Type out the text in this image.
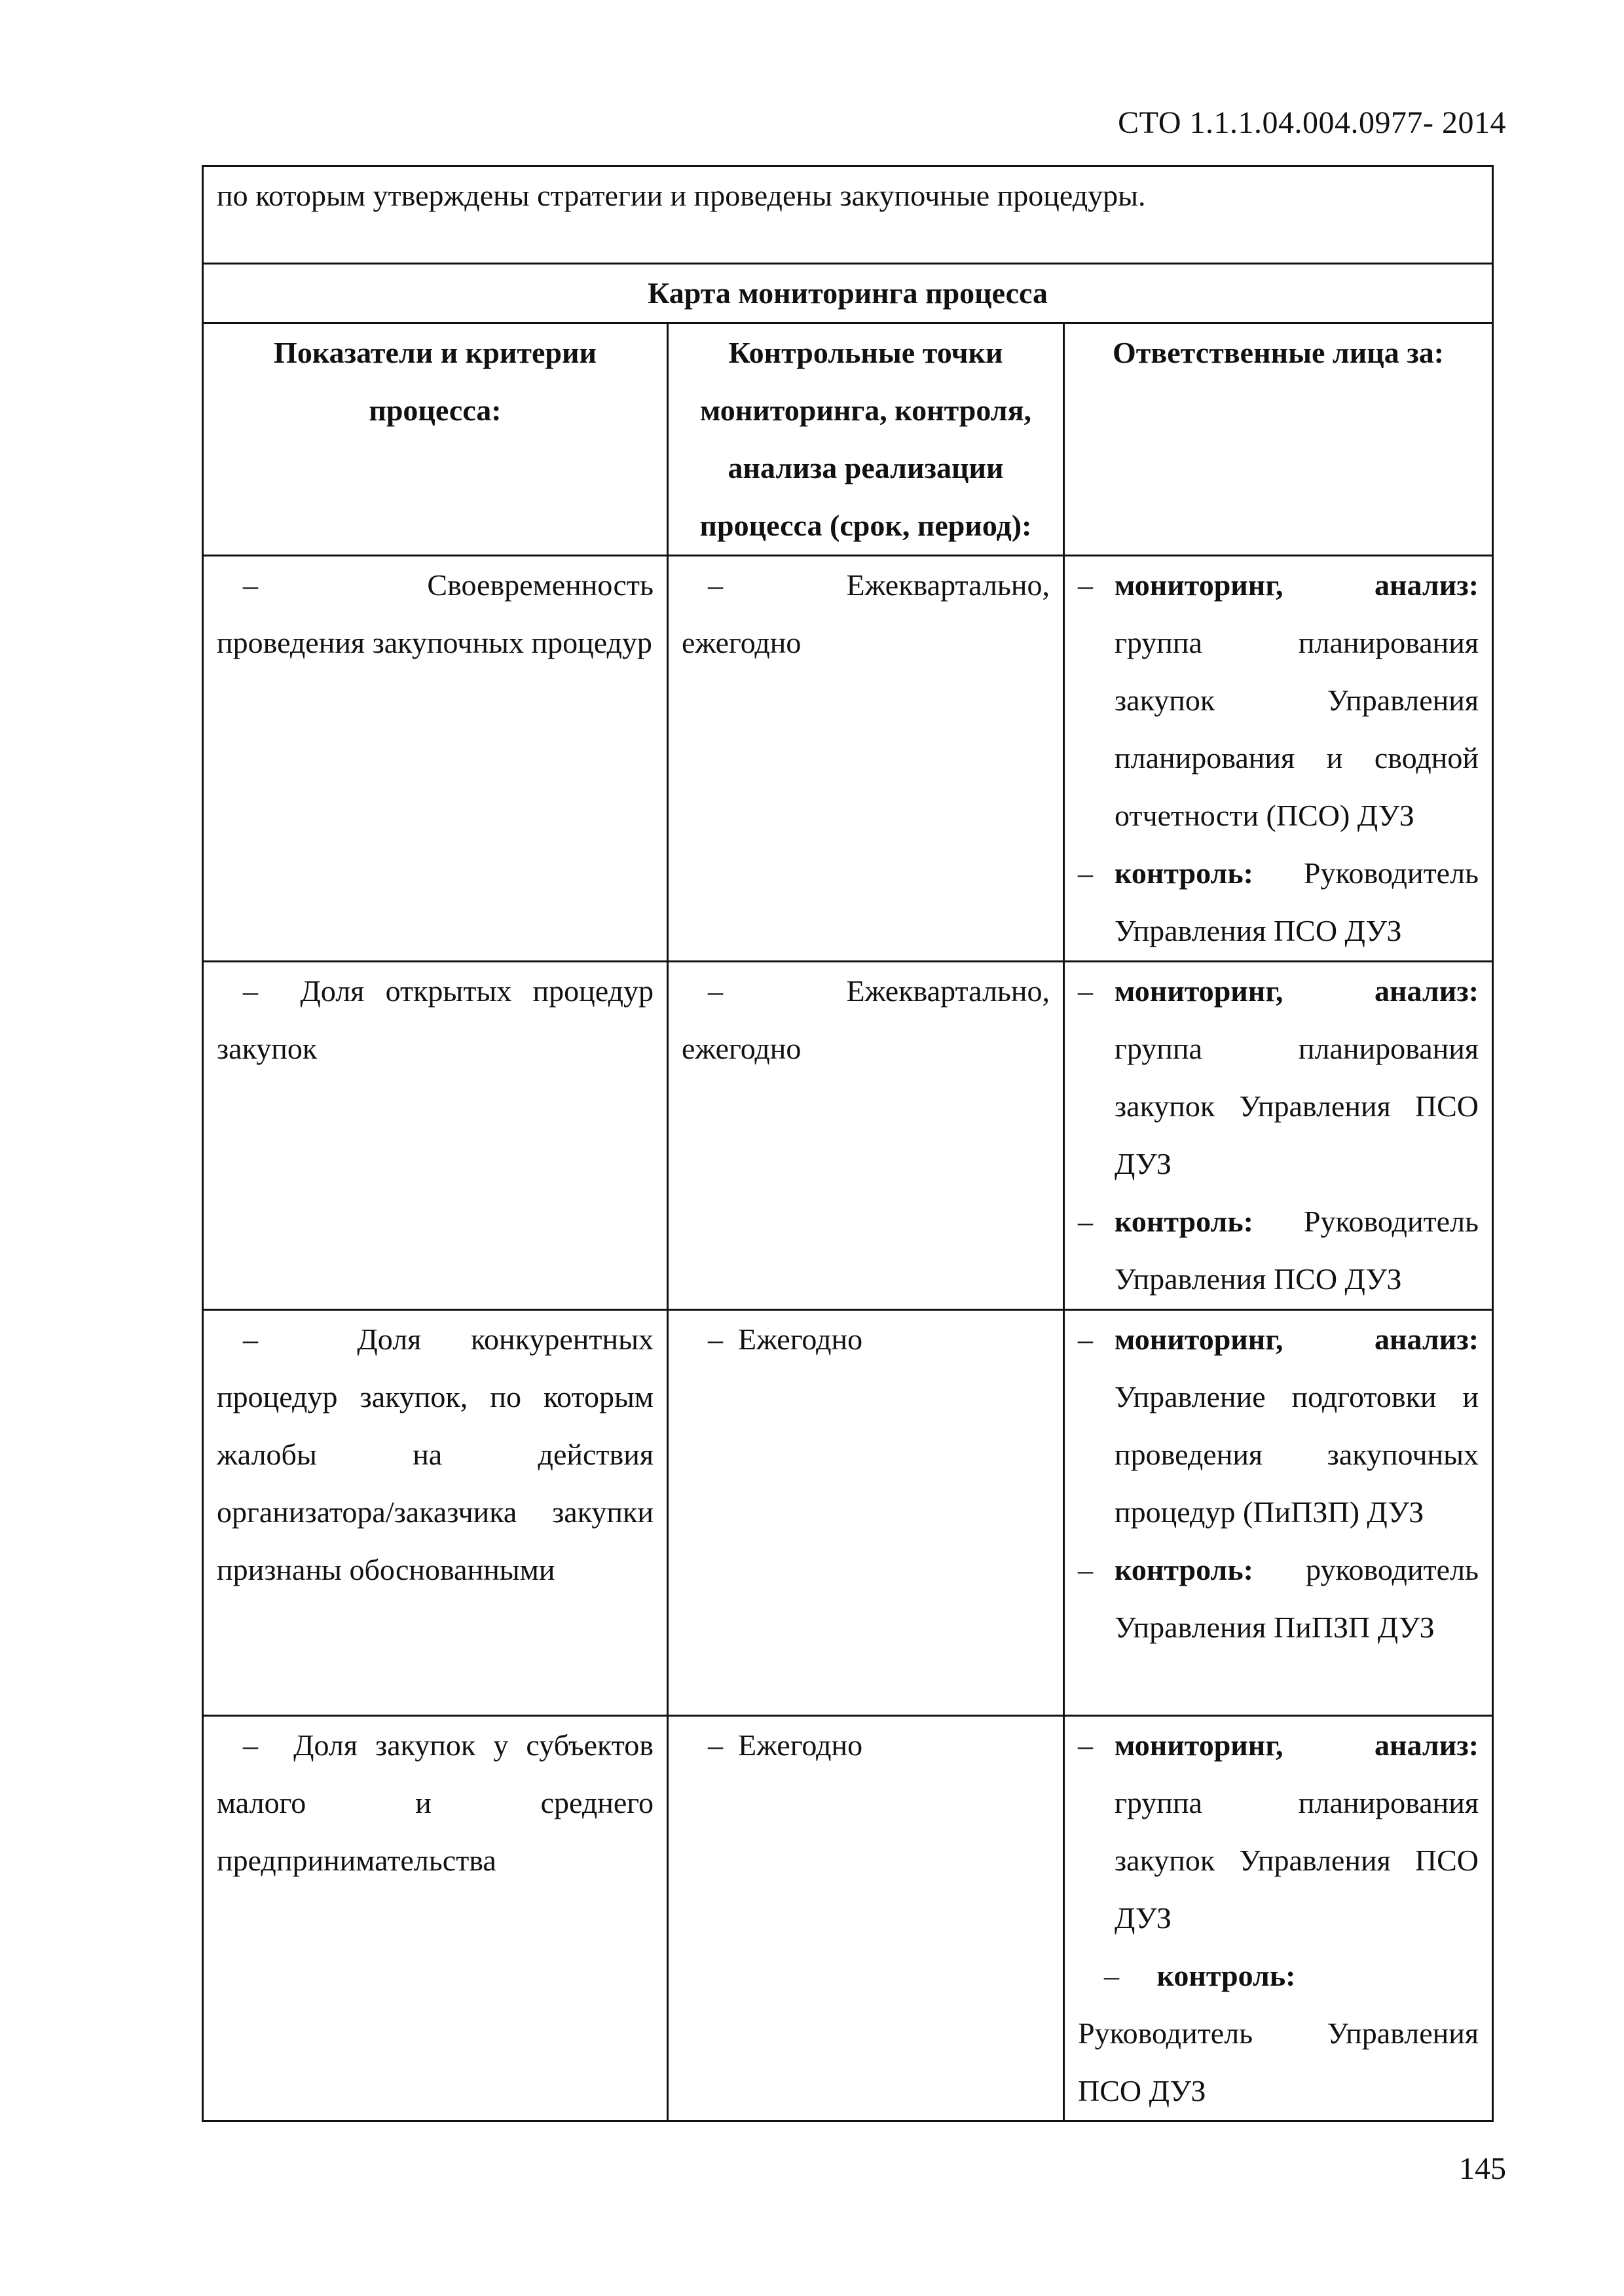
СТО 1.1.1.04.004.0977- 2014
по которым утверждены стратегии и проведены закупочные процедуры.		
Карта мониторинга процесса		
Показатели и критерии процесса:	Контрольные точки мониторинга, контроля, анализа реализации процесса (срок, период):	Ответственные лица за:

– Своевременность проведения закупочных процедур	– Ежеквартально, ежегодно	– мониторинг, анализ: группа планирования закупок Управления планирования и сводной отчетности (ПСО) ДУЗ
– контроль: Руководитель Управления ПСО ДУЗ

– Доля открытых процедур закупок	– Ежеквартально, ежегодно	– мониторинг, анализ: группа планирования закупок Управления ПСО ДУЗ
– контроль: Руководитель Управления ПСО ДУЗ

– Доля конкурентных процедур закупок, по которым жалобы на действия организатора/заказчика закупки признаны обоснованными	– Ежегодно	– мониторинг, анализ: Управление подготовки и проведения закупочных процедур (ПиПЗП) ДУЗ
– контроль: руководитель Управления ПиПЗП ДУЗ

– Доля закупок у субъектов малого и среднего предпринимательства	– Ежегодно	– мониторинг, анализ: группа планирования закупок Управления ПСО ДУЗ
– контроль:
Руководитель Управления ПСО ДУЗ
145
